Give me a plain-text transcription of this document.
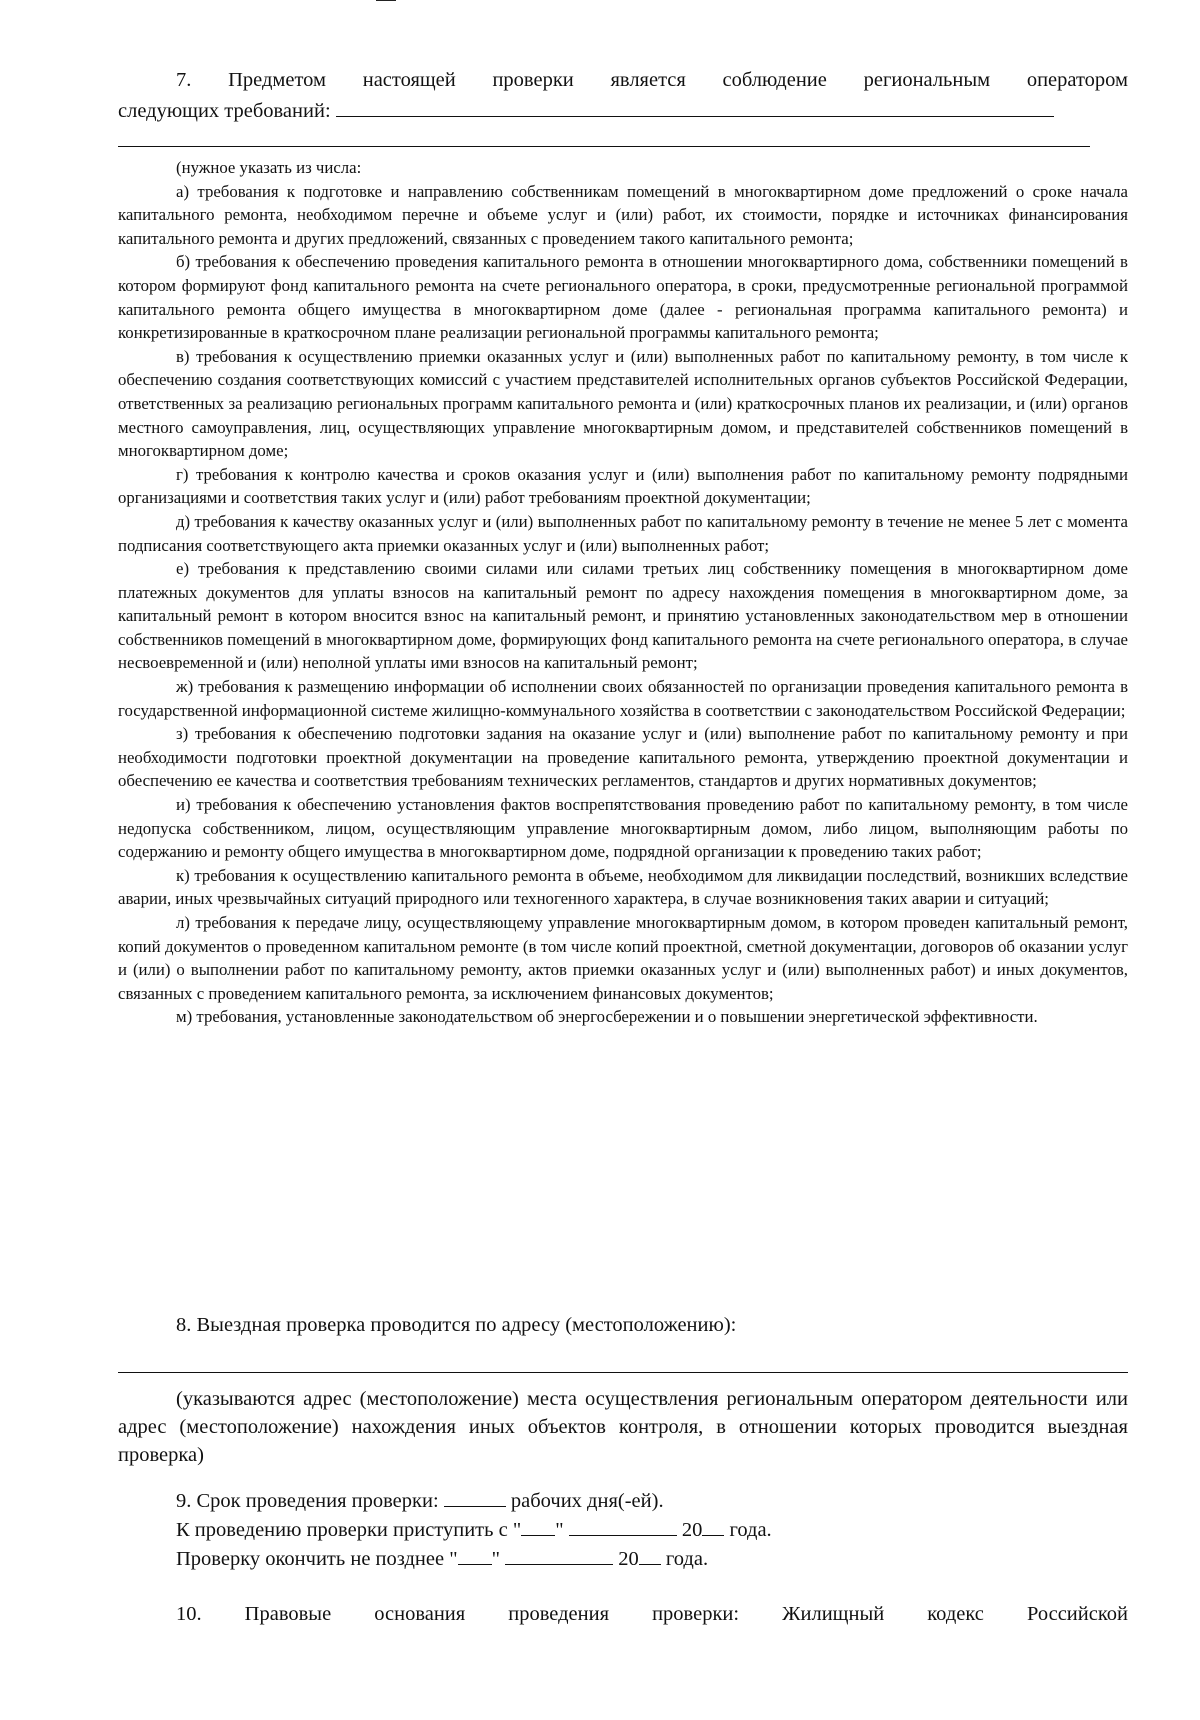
7. Предметом настоящей проверки является соблюдение региональным оператором

следующих требований:

(нужное указать из числа:

а) требования к подготовке и направлению собственникам помещений в многоквартирном доме предложений о сроке начала капитального ремонта, необходимом перечне и объеме услуг и (или) работ, их стоимости, порядке и источниках финансирования капитального ремонта и других предложений, связанных с проведением такого капитального ремонта;

б) требования к обеспечению проведения капитального ремонта в отношении многоквартирного дома, собственники помещений в котором формируют фонд капитального ремонта на счете регионального оператора, в сроки, предусмотренные региональной программой капитального ремонта общего имущества в многоквартирном доме (далее - региональная программа капитального ремонта) и конкретизированные в краткосрочном плане реализации региональной программы капитального ремонта;

в) требования к осуществлению приемки оказанных услуг и (или) выполненных работ по капитальному ремонту, в том числе к обеспечению создания соответствующих комиссий с участием представителей исполнительных органов субъектов Российской Федерации, ответственных за реализацию региональных программ капитального ремонта и (или) краткосрочных планов их реализации, и (или) органов местного самоуправления, лиц, осуществляющих управление многоквартирным домом, и представителей собственников помещений в многоквартирном доме;

г) требования к контролю качества и сроков оказания услуг и (или) выполнения работ по капитальному ремонту подрядными организациями и соответствия таких услуг и (или) работ требованиям проектной документации;

д) требования к качеству оказанных услуг и (или) выполненных работ по капитальному ремонту в течение не менее 5 лет с момента подписания соответствующего акта приемки оказанных услуг и (или) выполненных работ;

е) требования к представлению своими силами или силами третьих лиц собственнику помещения в многоквартирном доме платежных документов для уплаты взносов на капитальный ремонт по адресу нахождения помещения в многоквартирном доме, за капитальный ремонт в котором вносится взнос на капитальный ремонт, и принятию установленных законодательством мер в отношении собственников помещений в многоквартирном доме, формирующих фонд капитального ремонта на счете регионального оператора, в случае несвоевременной и (или) неполной уплаты ими взносов на капитальный ремонт;

ж) требования к размещению информации об исполнении своих обязанностей по организации проведения капитального ремонта в государственной информационной системе жилищно-коммунального хозяйства в соответствии с законодательством Российской Федерации;

з) требования к обеспечению подготовки задания на оказание услуг и (или) выполнение работ по капитальному ремонту и при необходимости подготовки проектной документации на проведение капитального ремонта, утверждению проектной документации и обеспечению ее качества и соответствия требованиям технических регламентов, стандартов и других нормативных документов;

и) требования к обеспечению установления фактов воспрепятствования проведению работ по капитальному ремонту, в том числе недопуска собственником, лицом, осуществляющим управление многоквартирным домом, либо лицом, выполняющим работы по содержанию и ремонту общего имущества в многоквартирном доме, подрядной организации к проведению таких работ;

к) требования к осуществлению капитального ремонта в объеме, необходимом для ликвидации последствий, возникших вследствие аварии, иных чрезвычайных ситуаций природного или техногенного характера, в случае возникновения таких аварии и ситуаций;

л) требования к передаче лицу, осуществляющему управление многоквартирным домом, в котором проведен капитальный ремонт, копий документов о проведенном капитальном ремонте (в том числе копий проектной, сметной документации, договоров об оказании услуг и (или) о выполнении работ по капитальному ремонту, актов приемки оказанных услуг и (или) выполненных работ) и иных документов, связанных с проведением капитального ремонта, за исключением финансовых документов;

м) требования, установленные законодательством об энергосбережении и о повышении энергетической эффективности.

8. Выездная проверка проводится по адресу (местоположению):

(указываются адрес (местоположение) места осуществления региональным оператором деятельности или адрес (местоположение) нахождения иных объектов контроля, в отношении которых проводится выездная проверка)

9. Срок проведения проверки:	рабочих дня(-ей).

К проведению проверки приступить с " "	20 года.

Проверку окончить не позднее " "	20 года.

10. Правовые основания проведения проверки: Жилищный кодекс Российской
